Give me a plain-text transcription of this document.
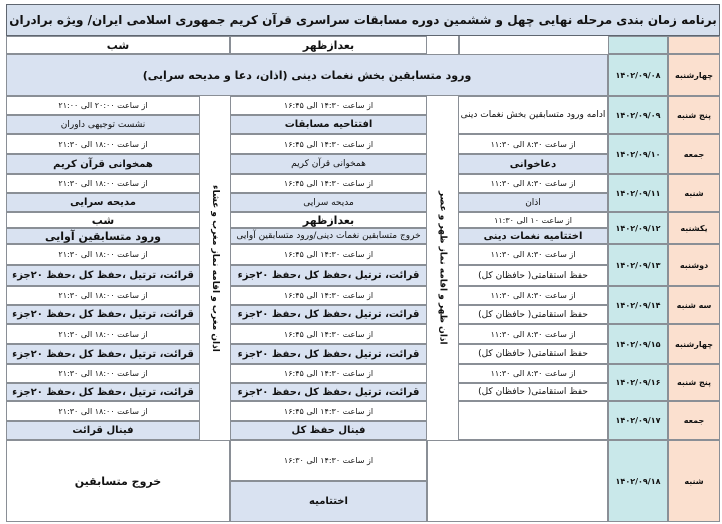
برنامه زمان بندی مرحله نهایی چهل و ششمین دوره مسابقات سراسری قرآن کریم جمهوری اسلامی ایران/ ویژه برادران
بعدازظهر
شب
چهارشنبه
۱۴۰۲/۰۹/۰۸
پنج شنبه
۱۴۰۲/۰۹/۰۹
جمعه
۱۴۰۲/۰۹/۱۰
شنبه
۱۴۰۲/۰۹/۱۱
یکشنبه
۱۴۰۲/۰۹/۱۲
دوشنبه
۱۴۰۲/۰۹/۱۳
سه شنبه
۱۴۰۲/۰۹/۱۴
چهارشنبه
۱۴۰۲/۰۹/۱۵
پنج شنبه
۱۴۰۲/۰۹/۱۶
جمعه
۱۴۰۲/۰۹/۱۷
شنبه
۱۴۰۲/۰۹/۱۸
ورود متسابقین بخش نغمات دینی (اذان، دعا و مدیحه سرایی)
اذان ظهر و اقامه نماز ظهر و عصر
اذان مغرب و اقامه نماز مغرب و عشاء
ادامه ورود متسابقین بخش نغمات دینی
از ساعت ۱۴:۳۰ الی ۱۶:۴۵
افتتاحیه مسابقات
از ساعت ۲۰:۰۰ الی ۲۱:۰۰
نشست توجیهی داوران
از ساعت ۸:۳۰ الی ۱۱:۳۰
دعاخوانی
از ساعت ۱۴:۳۰ الی ۱۶:۴۵
همخوانی قرآن کریم
از ساعت ۱۸:۰۰ الی ۲۱:۳۰
همخوانی قرآن کریم
از ساعت ۸:۳۰ الی ۱۱:۳۰
اذان
از ساعت ۱۴:۳۰ الی ۱۶:۴۵
مدیحه سرایی
از ساعت ۱۸:۰۰ الی ۲۱:۳۰
مدیحه سرایی
از ساعت ۱۰ الی ۱۱:۳۰
اختتامیه نغمات دینی
بعدازظهر
خروج متسابقین نغمات دینی/ورود متسابقین آوایی
شب
ورود متسابقین آوایی
از ساعت ۸:۳۰ الی ۱۱:۳۰
حفظ استقامتی( حافظان کل)
از ساعت ۱۴:۳۰ الی ۱۶:۴۵
قرائت، ترتیل ،حفظ کل ،حفظ ۲۰جزء
از ساعت ۱۸:۰۰ الی ۲۱:۳۰
قرائت، ترتیل ،حفظ کل ،حفظ ۲۰جزء
از ساعت ۸:۳۰ الی ۱۱:۳۰
حفظ استقامتی( حافظان کل)
از ساعت ۱۴:۳۰ الی ۱۶:۴۵
قرائت، ترتیل ،حفظ کل ،حفظ ۲۰جزء
از ساعت ۱۸:۰۰ الی ۲۱:۳۰
قرائت، ترتیل ،حفظ کل ،حفظ ۲۰جزء
از ساعت ۸:۳۰ الی ۱۱:۳۰
حفظ استقامتی( حافظان کل)
از ساعت ۱۴:۳۰ الی ۱۶:۴۵
قرائت، ترتیل ،حفظ کل ،حفظ ۲۰جزء
از ساعت ۱۸:۰۰ الی ۲۱:۳۰
قرائت، ترتیل ،حفظ کل ،حفظ ۲۰جزء
از ساعت ۸:۳۰ الی ۱۱:۳۰
حفظ استقامتی( حافظان کل)
از ساعت ۱۴:۳۰ الی ۱۶:۴۵
قرائت، ترتیل ،حفظ کل ،حفظ ۲۰جزء
از ساعت ۱۸:۰۰ الی ۲۱:۳۰
قرائت، ترتیل ،حفظ کل ،حفظ ۲۰جزء
از ساعت ۱۴:۳۰ الی ۱۶:۴۵
فینال حفظ کل
از ساعت ۱۸:۰۰ الی ۲۱:۳۰
فینال قرائت
از ساعت ۱۴:۳۰ الی ۱۶:۳۰
اختتامیه
خروج متسابقین
